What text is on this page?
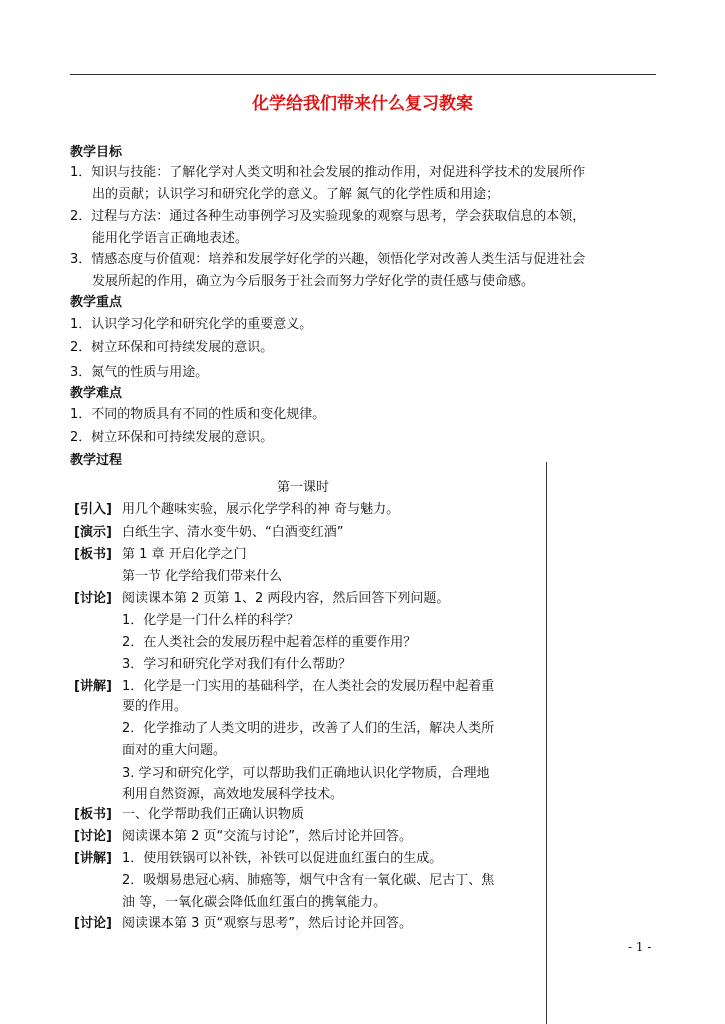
化学给我们带来什么复习教案
教学目标
1．知识与技能：了解化学对人类文明和社会发展的推动作用，对促进科学技术的发展所作
出的贡献；认识学习和研究化学的意义。了解 氮气的化学性质和用途；
2．过程与方法：通过各种生动事例学习及实验现象的观察与思考，学会获取信息的本领，
能用化学语言正确地表述。
3．情感态度与价值观：培养和发展学好化学的兴趣，领悟化学对改善人类生活与促进社会
发展所起的作用，确立为今后服务于社会而努力学好化学的责任感与使命感。
教学重点
1．认识学习化学和研究化学的重要意义。
2．树立环保和可持续发展的意识。
3．氮气的性质与用途。
教学难点
1．不同的物质具有不同的性质和变化规律。
2．树立环保和可持续发展的意识。
教学过程
第一课时
[引入] 用几个趣味实验，展示化学学科的神 奇与魅力。
[演示] 白纸生字、清水变牛奶、“白酒变红酒”
[板书] 第 1 章 开启化学之门
第一节 化学给我们带来什么
[讨论] 阅读课本第 2 页第 1、2 两段内容，然后回答下列问题。
1．化学是一门什么样的科学？
2．在人类社会的发展历程中起着怎样的重要作用？
3．学习和研究化学对我们有什么帮助？
[讲解] 1．化学是一门实用的基础科学，在人类社会的发展历程中起着重
要的作用。
2．化学推动了人类文明的进步，改善了人们的生活，解决人类所
面对的重大问题。
3. 学习和研究化学，可以帮助我们正确地认识化学物质，合理地
利用自然资源，高效地发展科学技术。
[板书] 一、化学帮助我们正确认识物质
[讨论] 阅读课本第 2 页“交流与讨论”，然后讨论并回答。
[讲解] 1．使用铁锅可以补铁，补铁可以促进血红蛋白的生成。
2．吸烟易患冠心病、肺癌等，烟气中含有一氧化碳、尼古丁、焦
油 等，一氧化碳会降低血红蛋白的携氧能力。
[讨论] 阅读课本第 3 页“观察与思考”，然后讨论并回答。
- 1 -
